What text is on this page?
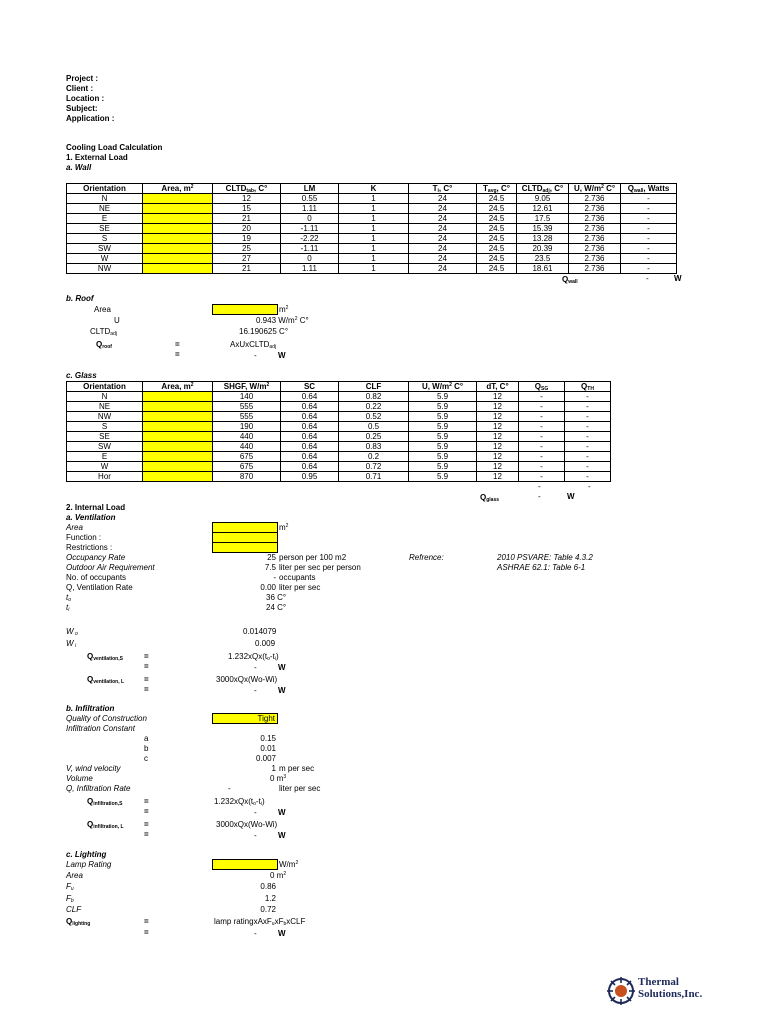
Project :
Client :
Location :
Subject:
Application :
Cooling Load Calculation
1. External Load
a. Wall
Orientation	Area, $m^2$	$CLTD_{tab}$, C°	LM	K	$T_i$, C°	$T_{avg}$, C°	$CLTD_{adj}$, C°	U, $W/m^2$ C°	$Q_{wall}$, Watts
N		12	0.55	1	24	24.5	9.05	2.736	-
NE		15	1.11	1	24	24.5	12.61	2.736	-
E		21	0	1	24	24.5	17.5	2.736	-
SE		20	-1.11	1	24	24.5	15.39	2.736	-
S		19	-2.22	1	24	24.5	13.28	2.736	-
SW		25	-1.11	1	24	24.5	20.39	2.736	-
W		27	0	1	24	24.5	23.5	2.736	-
NW		21	1.11	1	24	24.5	18.61	2.736	-
$Q_{wall}$	-	W
b. Roof
Area	$m^2$
U	0.943 $W/m^2$ C°
$CLTD_{adj}$	16.190625 C°
$Q_{roof}$	=	AxUxCLTD$_{adj}$
=	-	W
c. Glass
Orientation	Area, $m^2$	SHGF, $W/m^2$	SC	CLF	U, $W/m^2$ C°	dT, C°	$Q_{SG}$	$Q_{TH}$
N		140	0.64	0.82	5.9	12	-	-
NE		555	0.64	0.22	5.9	12	-	-
NW		555	0.64	0.52	5.9	12	-	-
S		190	0.64	0.5	5.9	12	-	-
SE		440	0.64	0.25	5.9	12	-	-
SW		440	0.64	0.83	5.9	12	-	-
E		675	0.64	0.2	5.9	12	-	-
W		675	0.64	0.72	5.9	12	-	-
Hor		870	0.95	0.71	5.9	12	-	-
-	-
$Q_{glass}$	-	W
2. Internal Load
a. Ventilation
Area	$m^2$
Function :
Restrictions :
Occupancy Rate	25 person per 100 m2	Refrence:	2010 PSVARE: Table 4.3.2
Outdoor Air Requirement	7.5 liter per sec per person	ASHRAE 62.1: Table 6-1
No. of occupants	- occupants
Q, Ventilation Rate	0.00 liter per sec
$t_o$	36 C°
$t_i$	24 C°
W $_o$	0.014079
W $_i$	0.009
$Q_{ventilation,S}$	=	$1.232xQx(t_o-t_i)$
=	-	W
$Q_{ventilation, L}$ =	3000xQx(Wo-Wi)
=	-	W
b. Infiltration
Quality of Construction	Tight
Infiltration Constant
a	0.15
b	0.01
c	0.007
V, wind velocity	1 m per sec
Volume	0 $m^3$
Q, Infiltration Rate	-	liter per sec
$Q_{infiltration,S}$	=	$1.232xQx(t_o-t_i)$
=	-	W
$Q_{infiltration, L}$	=	3000xQx(Wo-Wi)
=	-	W
c. Lighting
Lamp Rating	$W/m^2$
Area	0 $m^2$
$F_u$	0.86
$F_b$	1.2
CLF	0.72
$Q_{lighting}$	=	lamp $ratingxAxF_uxF_bxCLF$
=	-	W
Thermal
Solutions,Inc.
